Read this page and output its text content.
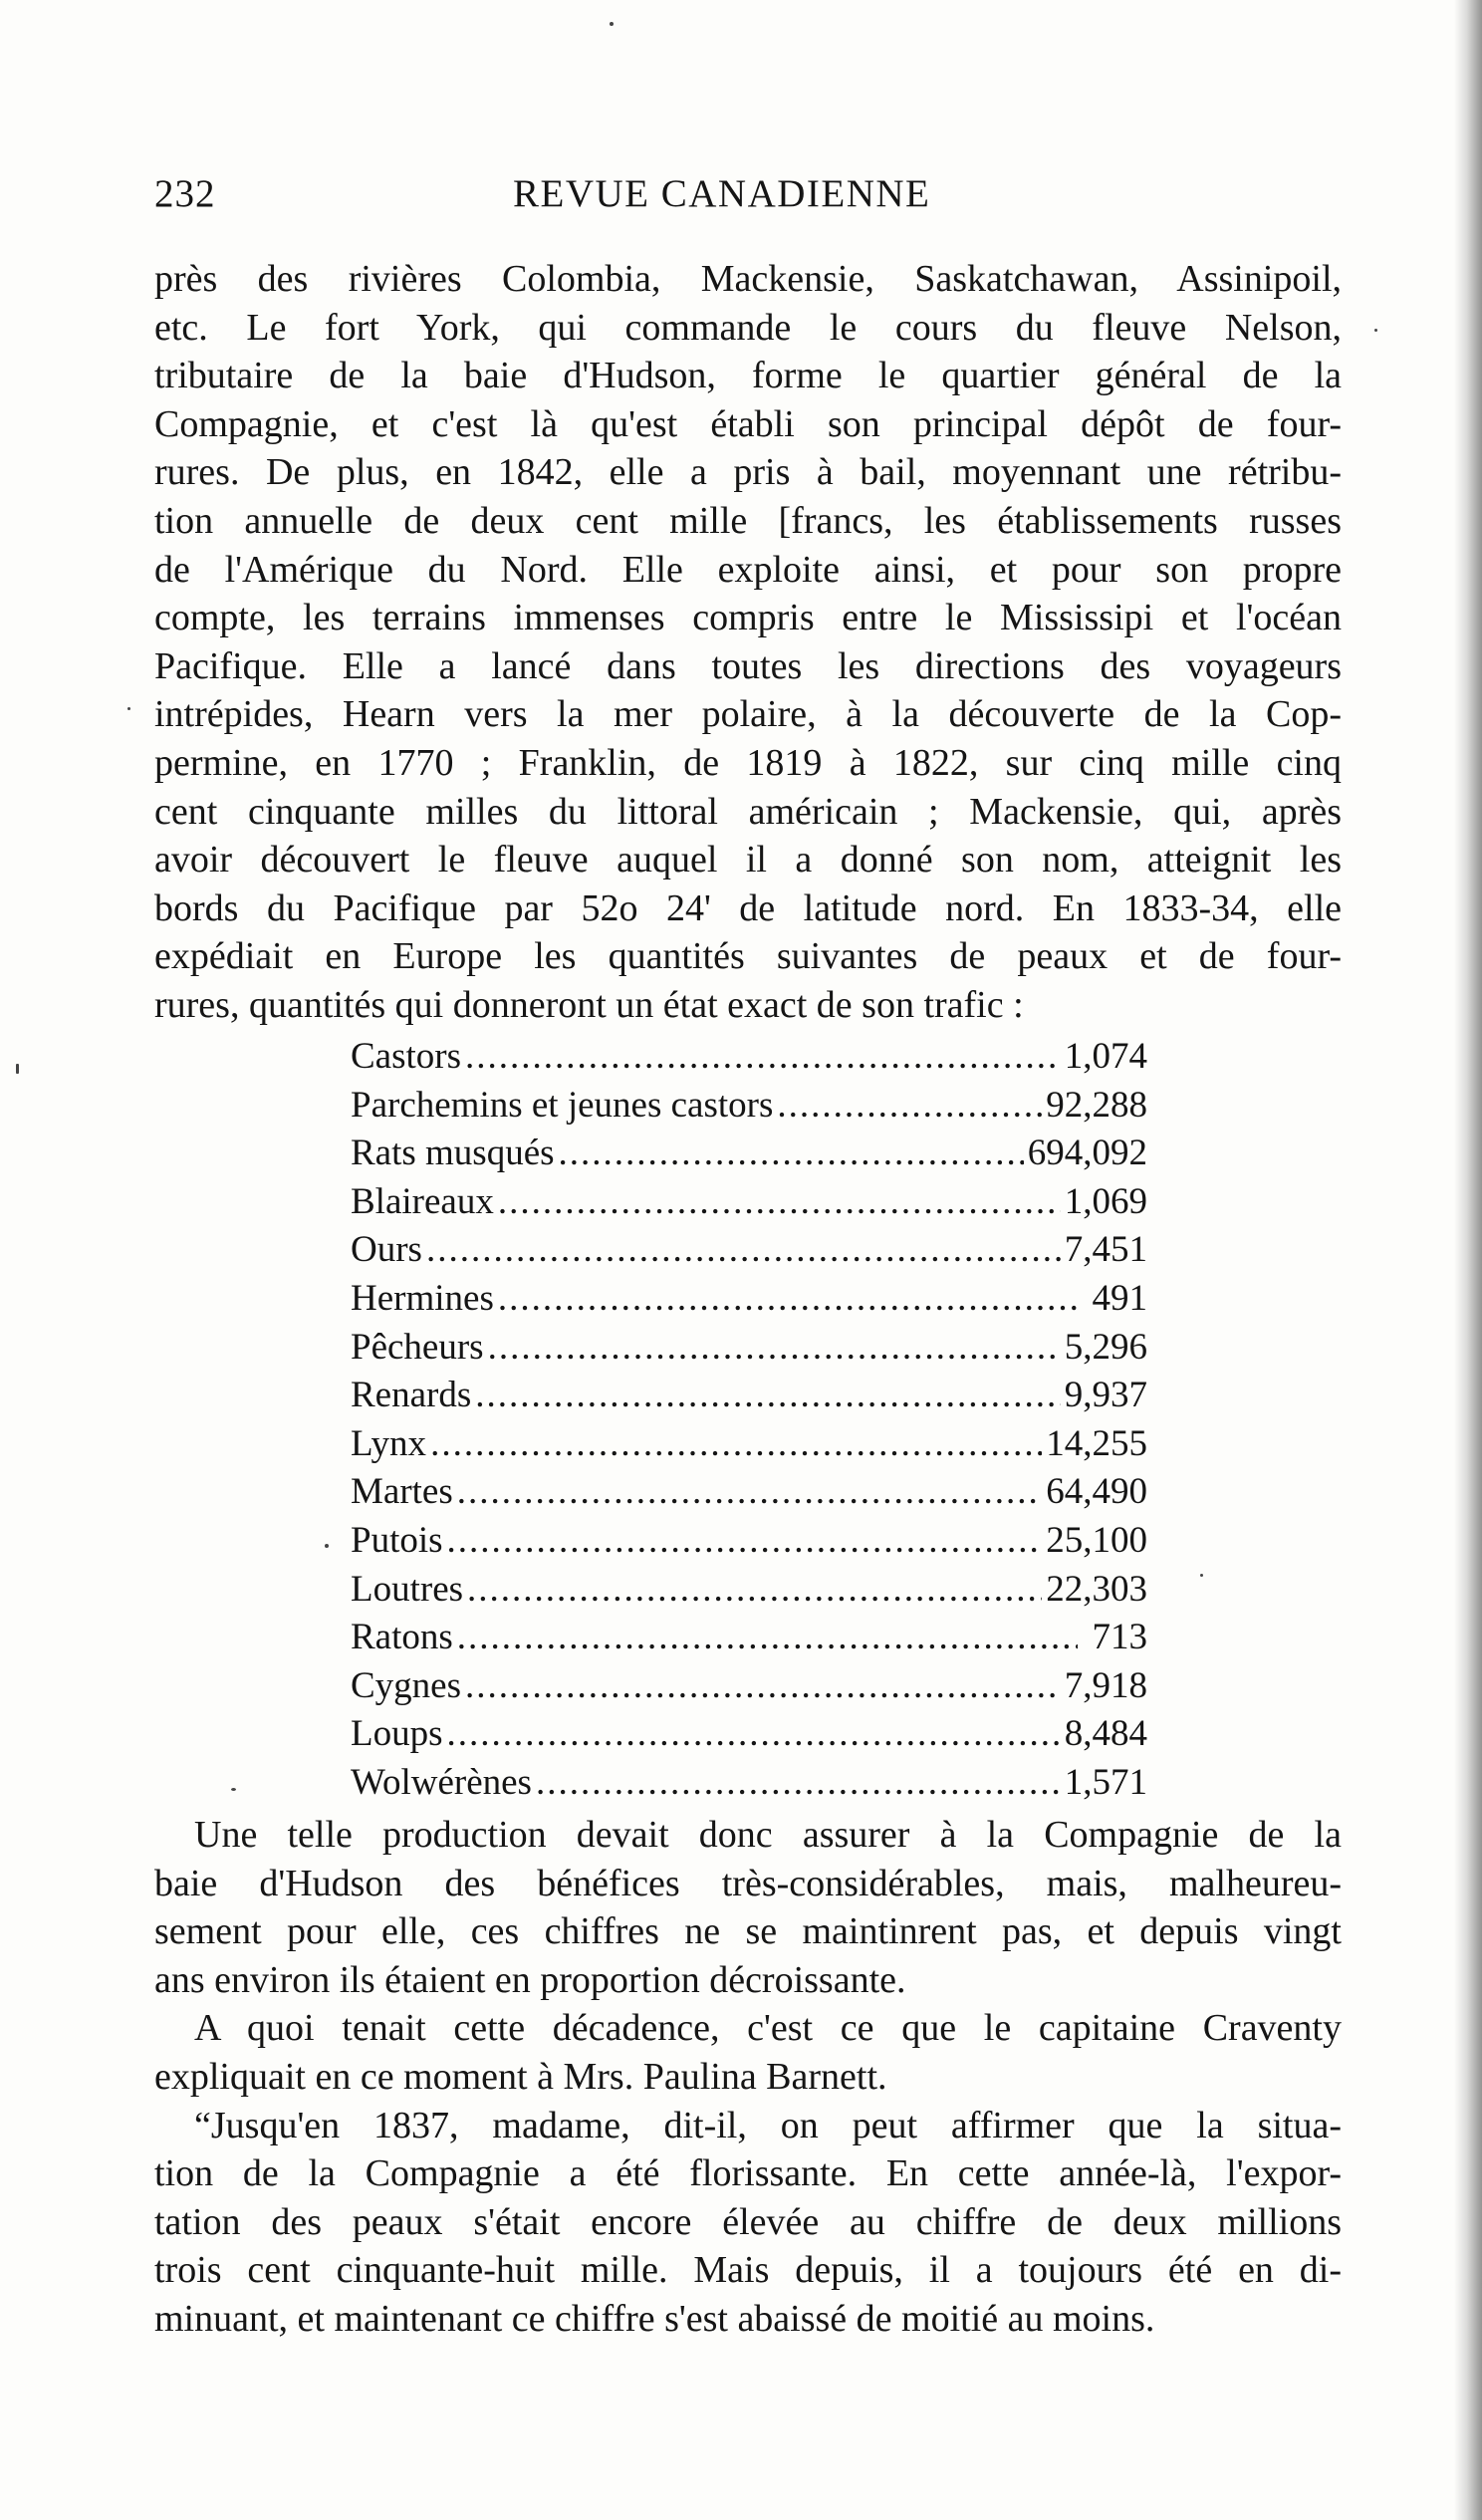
232	REVUE CANADIENNE
près des rivières Colombia, Mackensie, Saskatchawan, Assinipoil,
etc. Le fort York, qui commande le cours du fleuve Nelson,
tributaire de la baie d'Hudson, forme le quartier général de la
Compagnie, et c'est là qu'est établi son principal dépôt de four-
rures. De plus, en 1842, elle a pris à bail, moyennant une rétribu-
tion annuelle de deux cent mille [francs, les établissements russes
de l'Amérique du Nord. Elle exploite ainsi, et pour son propre
compte, les terrains immenses compris entre le Mississipi et l'océan
Pacifique. Elle a lancé dans toutes les directions des voyageurs
intrépides, Hearn vers la mer polaire, à la découverte de la Cop-
permine, en 1770 ; Franklin, de 1819 à 1822, sur cinq mille cinq
cent cinquante milles du littoral américain ; Mackensie, qui, après
avoir découvert le fleuve auquel il a donné son nom, atteignit les
bords du Pacifique par 52o 24' de latitude nord. En 1833-34, elle
expédiait en Europe les quantités suivantes de peaux et de four-
rures, quantités qui donneront un état exact de son trafic :
Castors .....	1,074
Parchemins et jeunes castors .....	92,288
Rats musqués .....	694,092
Blaireaux .....	1,069
Ours .....	7,451
Hermines .....	491
Pêcheurs .....	5,296
Renards .....	9,937
Lynx .....	14,255
Martes .....	64,490
Putois .....	25,100
Loutres .....	22,303
Ratons .....	713
Cygnes .....	7,918
Loups .....	8,484
Wolwérènes .....	1,571
Une telle production devait donc assurer à la Compagnie de la
baie d'Hudson des bénéfices très-considérables, mais, malheureu-
sement pour elle, ces chiffres ne se maintinrent pas, et depuis vingt
ans environ ils étaient en proportion décroissante.
A quoi tenait cette décadence, c'est ce que le capitaine Craventy
expliquait en ce moment à Mrs. Paulina Barnett.
“Jusqu'en 1837, madame, dit-il, on peut affirmer que la situa-
tion de la Compagnie a été florissante. En cette année-là, l'expor-
tation des peaux s'était encore élevée au chiffre de deux millions
trois cent cinquante-huit mille. Mais depuis, il a toujours été en di-
minuant, et maintenant ce chiffre s'est abaissé de moitié au moins.
